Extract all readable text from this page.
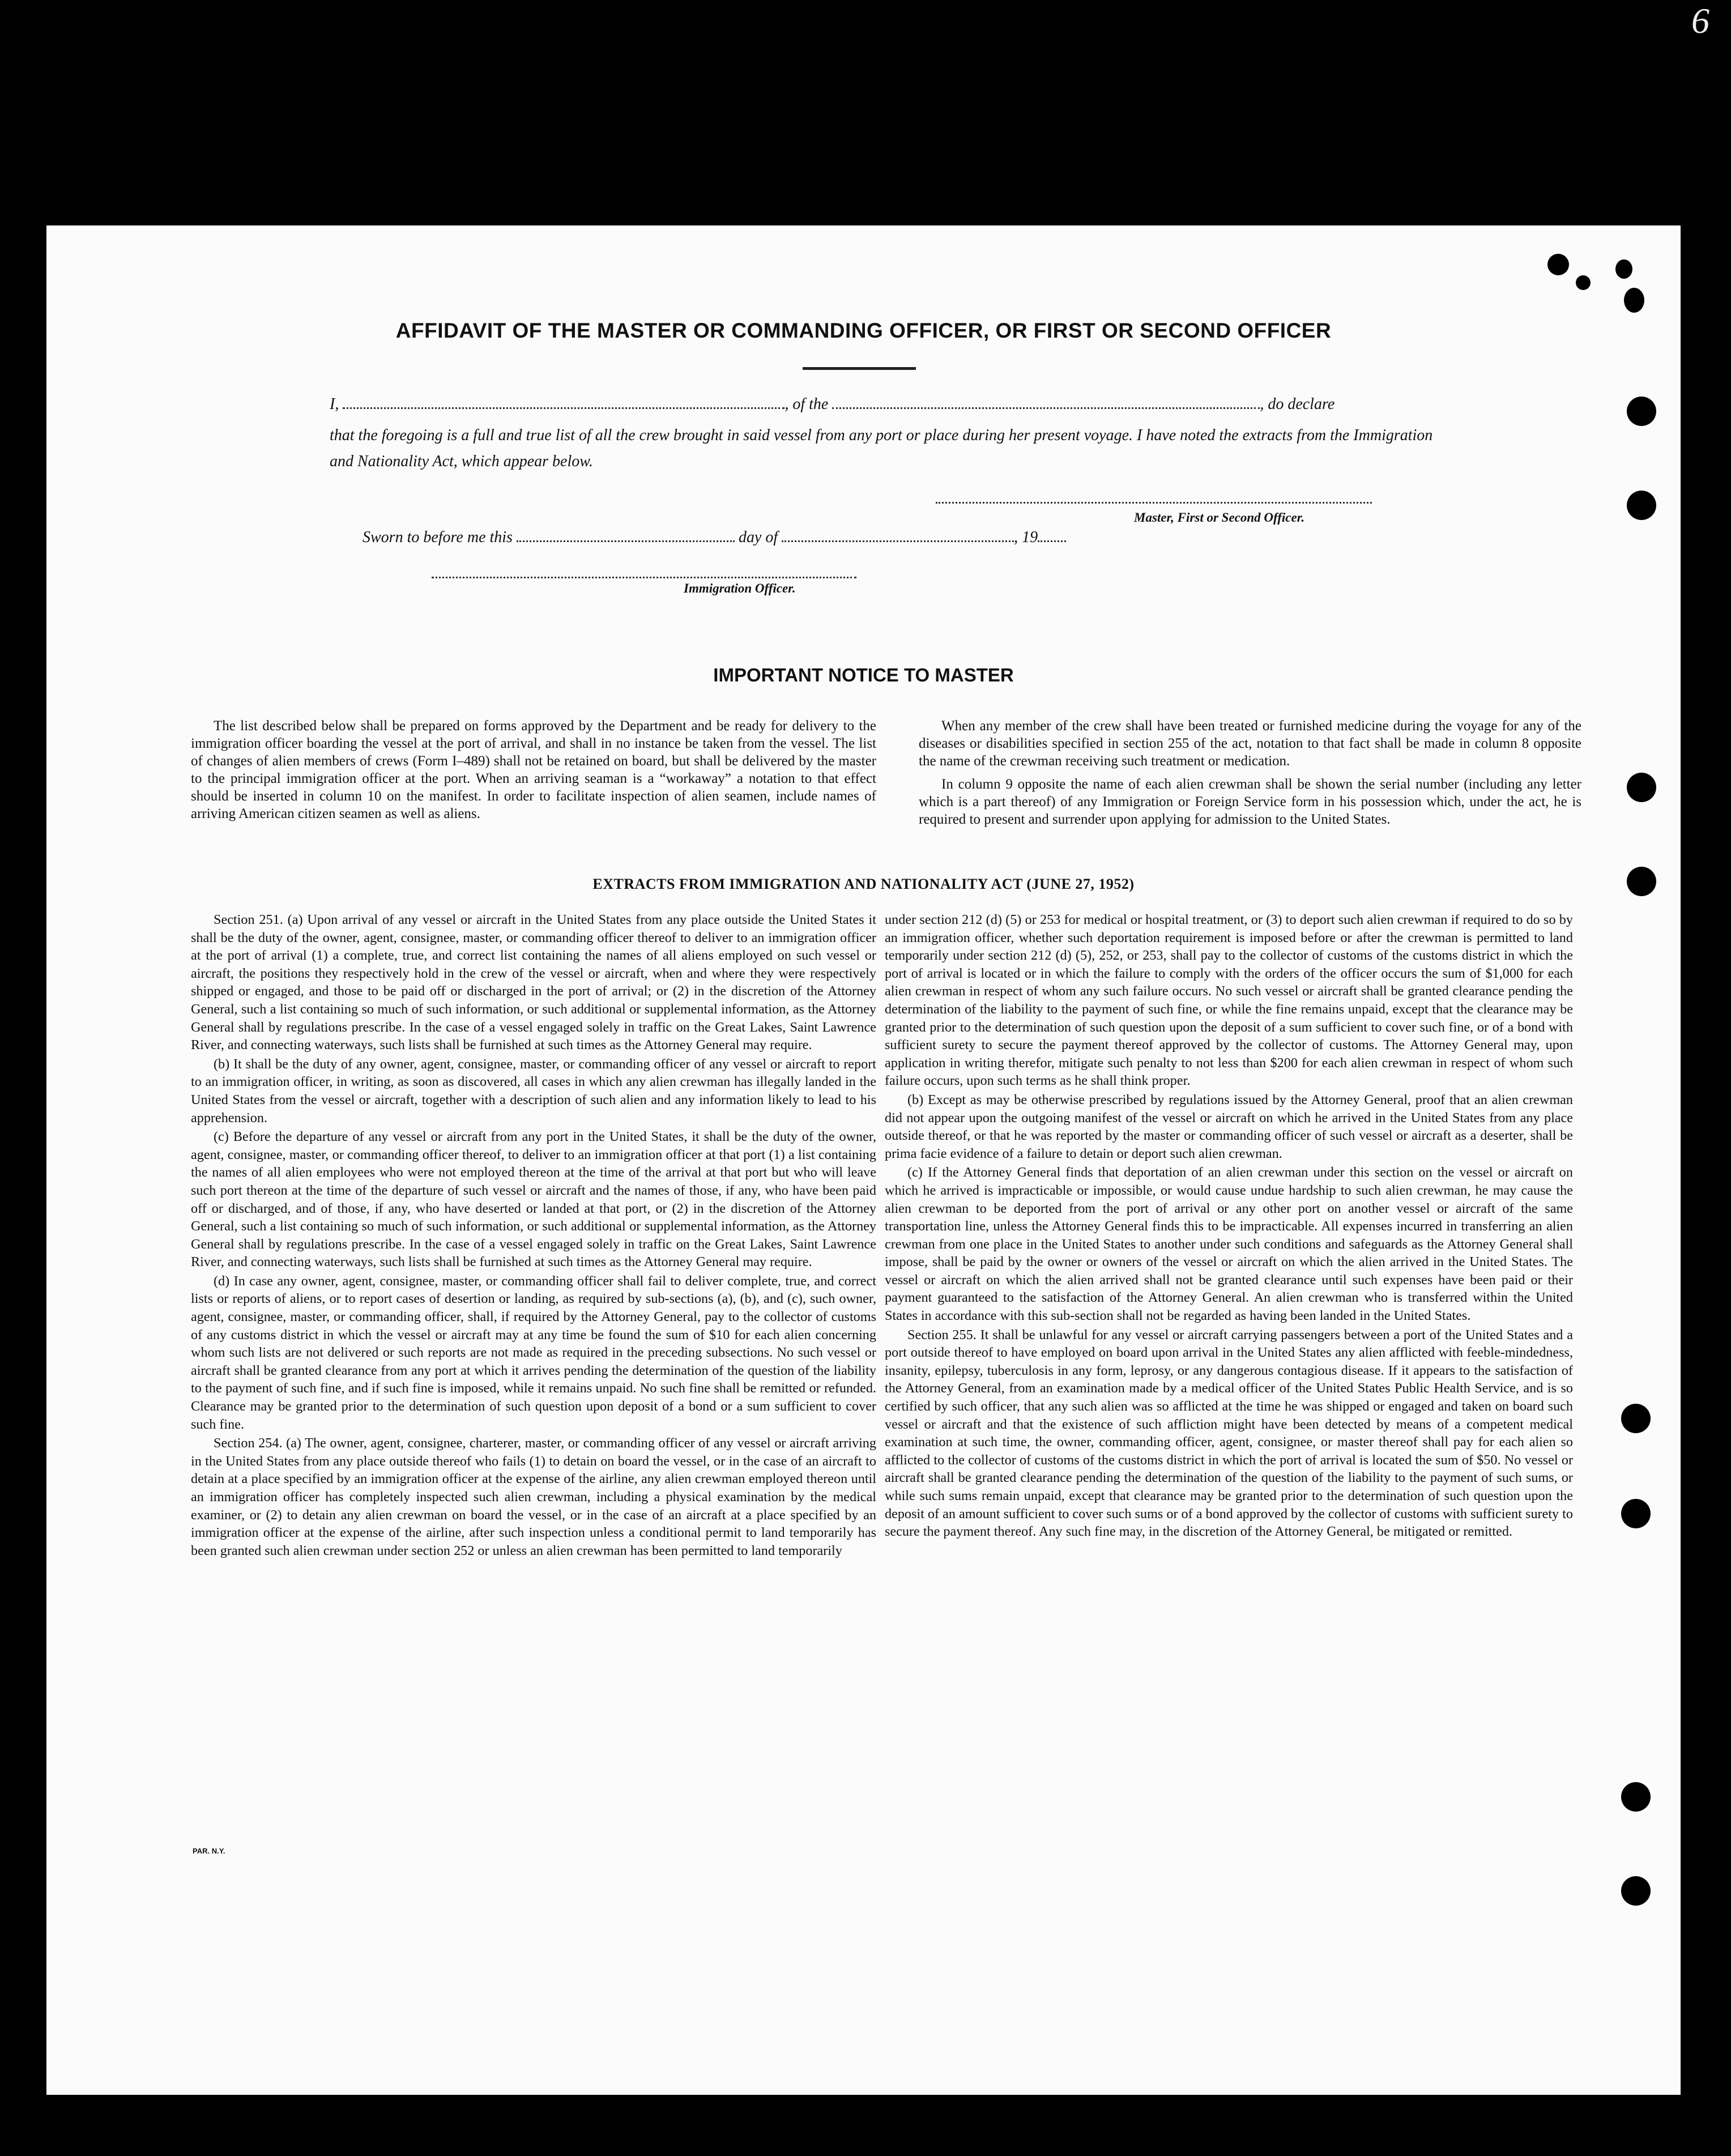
6
AFFIDAVIT OF THE MASTER OR COMMANDING OFFICER, OR FIRST OR SECOND OFFICER
I,	, of the	, do declare
that the foregoing is a full and true list of all the crew brought in said vessel from any port or place during her present voyage. I have noted the extracts from the Immigration and Nationality Act, which appear below.
Master, First or Second Officer.
Sworn to before me this	day of	, 19
Immigration Officer.
IMPORTANT NOTICE TO MASTER

The list described below shall be prepared on forms approved by the Department and be ready for delivery to the immigration officer boarding the vessel at the port of arrival, and shall in no instance be taken from the vessel. The list of changes of alien members of crews (Form I–489) shall not be retained on board, but shall be delivered by the master to the principal immigration officer at the port. When an arriving seaman is a “workaway” a notation to that effect should be inserted in column 10 on the manifest. In order to facilitate inspection of alien seamen, include names of arriving American citizen seamen as well as aliens.

When any member of the crew shall have been treated or furnished medicine during the voyage for any of the diseases or disabilities specified in section 255 of the act, notation to that fact shall be made in column 8 opposite the name of the crewman receiving such treatment or medication.

In column 9 opposite the name of each alien crewman shall be shown the serial number (including any letter which is a part thereof) of any Immigration or Foreign Service form in his possession which, under the act, he is required to present and surrender upon applying for admission to the United States.

EXTRACTS FROM IMMIGRATION AND NATIONALITY ACT (JUNE 27, 1952)

Section 251. (a) Upon arrival of any vessel or aircraft in the United States from any place outside the United States it shall be the duty of the owner, agent, consignee, master, or commanding officer thereof to deliver to an immigration officer at the port of arrival (1) a complete, true, and correct list containing the names of all aliens employed on such vessel or aircraft, the positions they respectively hold in the crew of the vessel or aircraft, when and where they were respectively shipped or engaged, and those to be paid off or discharged in the port of arrival; or (2) in the discretion of the Attorney General, such a list containing so much of such information, or such additional or supplemental information, as the Attorney General shall by regulations prescribe. In the case of a vessel engaged solely in traffic on the Great Lakes, Saint Lawrence River, and connecting waterways, such lists shall be furnished at such times as the Attorney General may require.

(b) It shall be the duty of any owner, agent, consignee, master, or commanding officer of any vessel or aircraft to report to an immigration officer, in writing, as soon as discovered, all cases in which any alien crewman has illegally landed in the United States from the vessel or aircraft, together with a description of such alien and any information likely to lead to his apprehension.

(c) Before the departure of any vessel or aircraft from any port in the United States, it shall be the duty of the owner, agent, consignee, master, or commanding officer thereof, to deliver to an immigration officer at that port (1) a list containing the names of all alien employees who were not employed thereon at the time of the arrival at that port but who will leave such port thereon at the time of the departure of such vessel or aircraft and the names of those, if any, who have been paid off or discharged, and of those, if any, who have deserted or landed at that port, or (2) in the discretion of the Attorney General, such a list containing so much of such information, or such additional or supplemental information, as the Attorney General shall by regulations prescribe. In the case of a vessel engaged solely in traffic on the Great Lakes, Saint Lawrence River, and connecting waterways, such lists shall be furnished at such times as the Attorney General may require.

(d) In case any owner, agent, consignee, master, or commanding officer shall fail to deliver complete, true, and correct lists or reports of aliens, or to report cases of desertion or landing, as required by sub-sections (a), (b), and (c), such owner, agent, consignee, master, or commanding officer, shall, if required by the Attorney General, pay to the collector of customs of any customs district in which the vessel or aircraft may at any time be found the sum of $10 for each alien concerning whom such lists are not delivered or such reports are not made as required in the preceding subsections. No such vessel or aircraft shall be granted clearance from any port at which it arrives pending the determination of the question of the liability to the payment of such fine, and if such fine is imposed, while it remains unpaid. No such fine shall be remitted or refunded. Clearance may be granted prior to the determination of such question upon deposit of a bond or a sum sufficient to cover such fine.

Section 254. (a) The owner, agent, consignee, charterer, master, or commanding officer of any vessel or aircraft arriving in the United States from any place outside thereof who fails (1) to detain on board the vessel, or in the case of an aircraft to detain at a place specified by an immigration officer at the expense of the airline, any alien crewman employed thereon until an immigration officer has completely inspected such alien crewman, including a physical examination by the medical examiner, or (2) to detain any alien crewman on board the vessel, or in the case of an aircraft at a place specified by an immigration officer at the expense of the airline, after such inspection unless a conditional permit to land temporarily has been granted such alien crewman under section 252 or unless an alien crewman has been permitted to land temporarily

under section 212 (d) (5) or 253 for medical or hospital treatment, or (3) to deport such alien crewman if required to do so by an immigration officer, whether such deportation requirement is imposed before or after the crewman is permitted to land temporarily under section 212 (d) (5), 252, or 253, shall pay to the collector of customs of the customs district in which the port of arrival is located or in which the failure to comply with the orders of the officer occurs the sum of $1,000 for each alien crewman in respect of whom any such failure occurs. No such vessel or aircraft shall be granted clearance pending the determination of the liability to the payment of such fine, or while the fine remains unpaid, except that the clearance may be granted prior to the determination of such question upon the deposit of a sum sufficient to cover such fine, or of a bond with sufficient surety to secure the payment thereof approved by the collector of customs. The Attorney General may, upon application in writing therefor, mitigate such penalty to not less than $200 for each alien crewman in respect of whom such failure occurs, upon such terms as he shall think proper.

(b) Except as may be otherwise prescribed by regulations issued by the Attorney General, proof that an alien crewman did not appear upon the outgoing manifest of the vessel or aircraft on which he arrived in the United States from any place outside thereof, or that he was reported by the master or commanding officer of such vessel or aircraft as a deserter, shall be prima facie evidence of a failure to detain or deport such alien crewman.

(c) If the Attorney General finds that deportation of an alien crewman under this section on the vessel or aircraft on which he arrived is impracticable or impossible, or would cause undue hardship to such alien crewman, he may cause the alien crewman to be deported from the port of arrival or any other port on another vessel or aircraft of the same transportation line, unless the Attorney General finds this to be impracticable. All expenses incurred in transferring an alien crewman from one place in the United States to another under such conditions and safeguards as the Attorney General shall impose, shall be paid by the owner or owners of the vessel or aircraft on which the alien arrived in the United States. The vessel or aircraft on which the alien arrived shall not be granted clearance until such expenses have been paid or their payment guaranteed to the satisfaction of the Attorney General. An alien crewman who is transferred within the United States in accordance with this sub-section shall not be regarded as having been landed in the United States.

Section 255. It shall be unlawful for any vessel or aircraft carrying passengers between a port of the United States and a port outside thereof to have employed on board upon arrival in the United States any alien afflicted with feeble-mindedness, insanity, epilepsy, tuberculosis in any form, leprosy, or any dangerous contagious disease. If it appears to the satisfaction of the Attorney General, from an examination made by a medical officer of the United States Public Health Service, and is so certified by such officer, that any such alien was so afflicted at the time he was shipped or engaged and taken on board such vessel or aircraft and that the existence of such affliction might have been detected by means of a competent medical examination at such time, the owner, commanding officer, agent, consignee, or master thereof shall pay for each alien so afflicted to the collector of customs of the customs district in which the port of arrival is located the sum of $50. No vessel or aircraft shall be granted clearance pending the determination of the question of the liability to the payment of such sums, or while such sums remain unpaid, except that clearance may be granted prior to the determination of such question upon the deposit of an amount sufficient to cover such sums or of a bond approved by the collector of customs with sufficient surety to secure the payment thereof. Any such fine may, in the discretion of the Attorney General, be mitigated or remitted.

PAR. N.Y.
